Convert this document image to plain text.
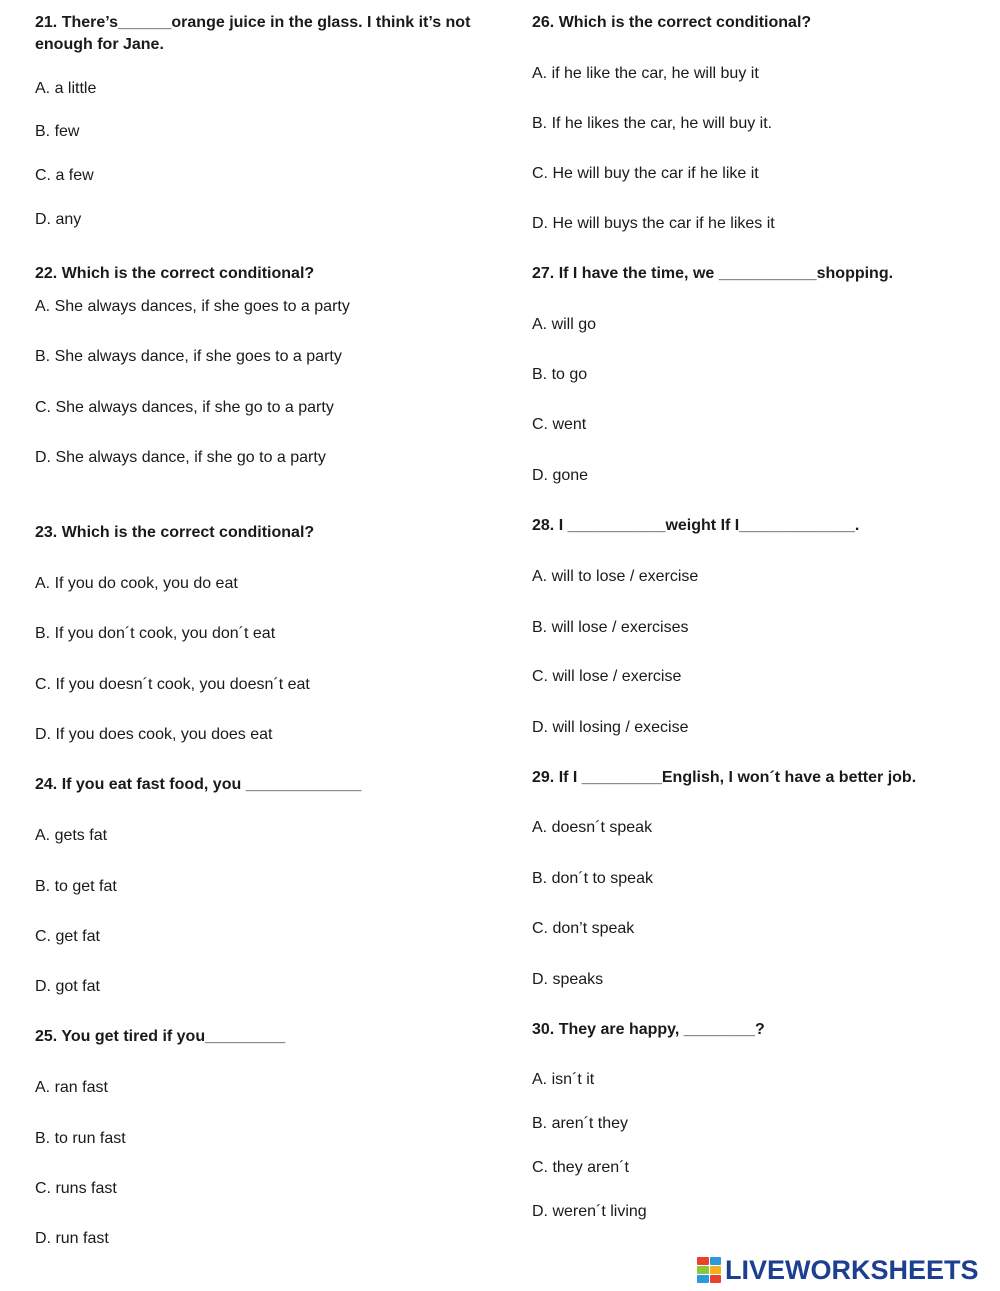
21. There’s______orange juice in the glass. I think it’s not enough for Jane.

A. a little
B. few
C. a few
D. any

22. Which is the correct conditional?

A. She always dances, if she goes to a party
B. She always dance, if she goes to a party
C. She always dances, if she go to a party
D. She always dance, if she go to a party

23. Which is the correct conditional?

A. If you do cook, you do eat
B. If you don´t cook, you don´t eat
C. If you doesn´t cook, you doesn´t eat
D. If you does cook, you does eat

24. If you eat fast food, you _____________

A. gets fat
B. to get fat
C. get fat
D. got fat

25. You get tired if you_________

A. ran fast
B. to run fast
C. runs fast
D. run fast

26. Which is the correct conditional?

A. if he like the car, he will buy it
B. If he likes the car, he will buy it.
C. He will buy the car if he like it
D. He will buys the car if he likes it

27. If I have the time, we ___________shopping.

A. will go
B. to go
C. went
D. gone

28. I ___________weight If I_____________.

A. will to lose / exercise
B. will lose / exercises
C. will lose / exercise
D. will losing / execise

29. If I _________English, I won´t have a better job.

A. doesn´t speak
B. don´t to speak
C. don’t speak
D. speaks

30. They are happy, ________?

A. isn´t it
B. aren´t they
C. they aren´t
D. weren´t living
LIVEWORKSHEETS
